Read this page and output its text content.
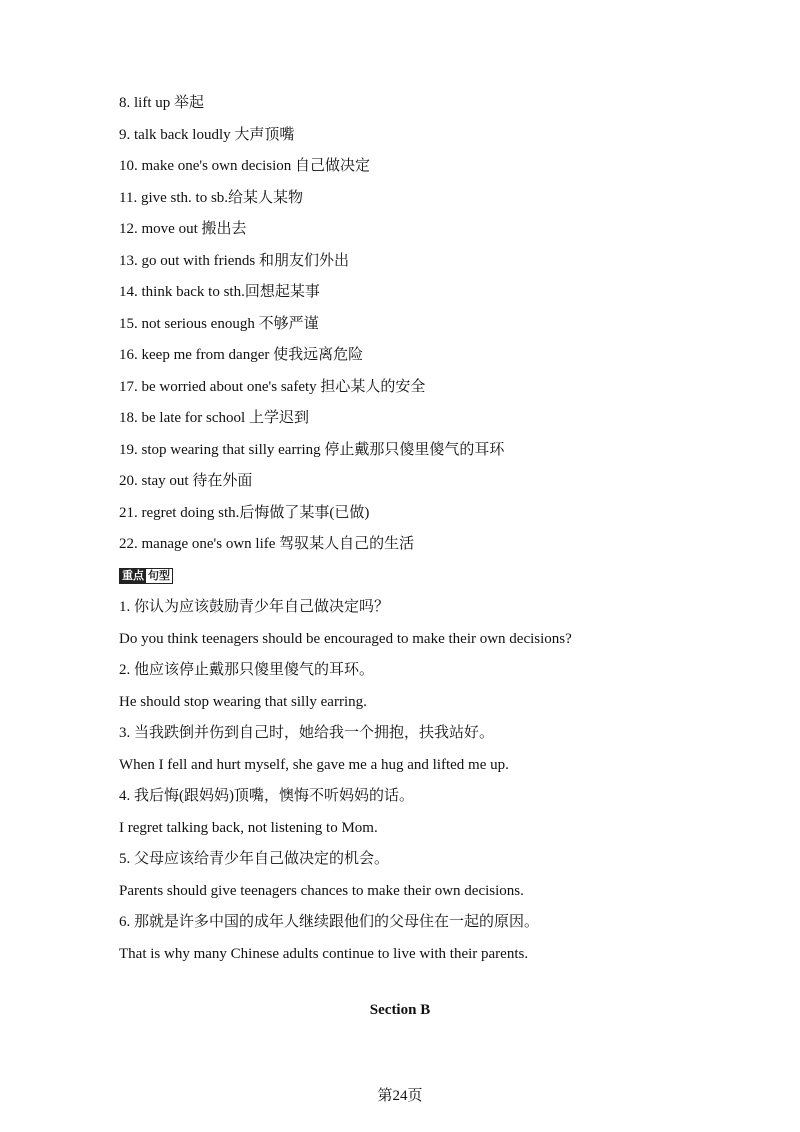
8. lift up 举起
9. talk back loudly 大声顶嘴
10. make one's own decision 自己做决定
11. give sth. to sb.给某人某物
12. move out 搬出去
13. go out with friends 和朋友们外出
14. think back to sth.回想起某事
15. not serious enough 不够严谨
16. keep me from danger 使我远离危险
17. be worried about one's safety 担心某人的安全
18. be late for school 上学迟到
19. stop wearing that silly earring 停止戴那只傻里傻气的耳环
20. stay out 待在外面
21. regret doing sth.后悔做了某事(已做)
22. manage one's own life 驾驭某人自己的生活
重点 句型
1. 你认为应该鼓励青少年自己做决定吗？
Do you think teenagers should be encouraged to make their own decisions?
2. 他应该停止戴那只傻里傻气的耳环。
He should stop wearing that silly earring.
3. 当我跌倒并伤到自己时，她给我一个拥抱，扶我站好。
When I fell and hurt myself, she gave me a hug and lifted me up.
4. 我后悔(跟妈妈)顶嘴，懊悔不听妈妈的话。
I regret talking back, not listening to Mom.
5. 父母应该给青少年自己做决定的机会。
Parents should give teenagers chances to make their own decisions.
6. 那就是许多中国的成年人继续跟他们的父母住在一起的原因。
That is why many Chinese adults continue to live with their parents.
Section B
第24页
